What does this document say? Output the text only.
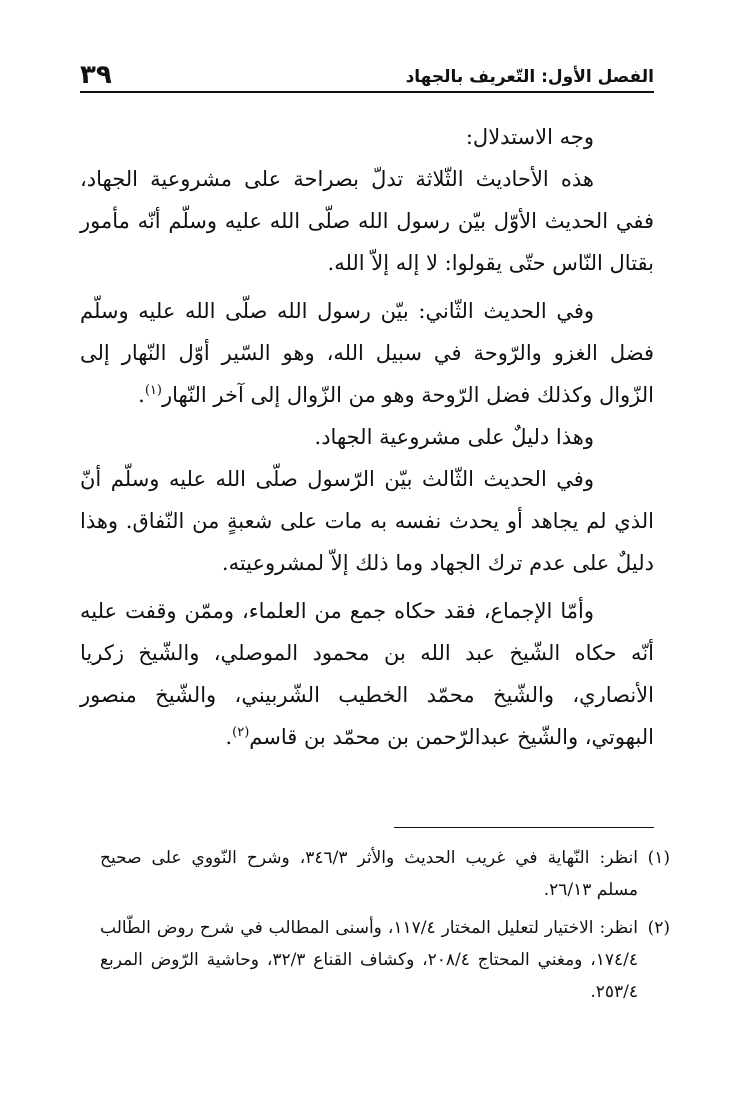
الفصل الأول: التّعريف بالجهاد
٣٩

وجه الاستدلال:

هذه الأحاديث الثّلاثة تدلّ بصراحة على مشروعية الجهاد، ففي الحديث الأوّل بيّن رسول الله صلّى الله عليه وسلّم أنّه مأمور بقتال النّاس حتّى يقولوا: لا إله إلاّ الله.

وفي الحديث الثّاني: بيّن رسول الله صلّى الله عليه وسلّم فضل الغزو والرّوحة في سبيل الله، وهو السّير أوّل النّهار إلى الزّوال وكذلك فضل الرّوحة وهو من الزّوال إلى آخر النّهار$^{(١)}$.

وهذا دليلٌ على مشروعية الجهاد.

وفي الحديث الثّالث بيّن الرّسول صلّى الله عليه وسلّم أنّ الذي لم يجاهد أو يحدث نفسه به مات على شعبةٍ من النّفاق. وهذا دليلٌ على عدم ترك الجهاد وما ذلك إلاّ لمشروعيته.

وأمّا الإجماع، فقد حكاه جمع من العلماء، وممّن وقفت عليه أنّه حكاه الشّيخ عبد الله بن محمود الموصلي، والشّيخ زكريا الأنصاري، والشّيخ محمّد الخطيب الشّربيني، والشّيخ منصور البهوتي، والشّيخ عبدالرّحمن بن محمّد بن قاسم$^{(٢)}$.

(١)
انظر: النّهاية في غريب الحديث والأثر ٣٤٦/٣، وشرح النّووي على صحيح مسلم ٢٦/١٣.
(٢)
انظر: الاختيار لتعليل المختار ١١٧/٤، وأسنى المطالب في شرح روض الطّالب ١٧٤/٤، ومغني المحتاج ٢٠٨/٤، وكشاف القناع ٣٢/٣، وحاشية الرّوض المربع ٢٥٣/٤.
